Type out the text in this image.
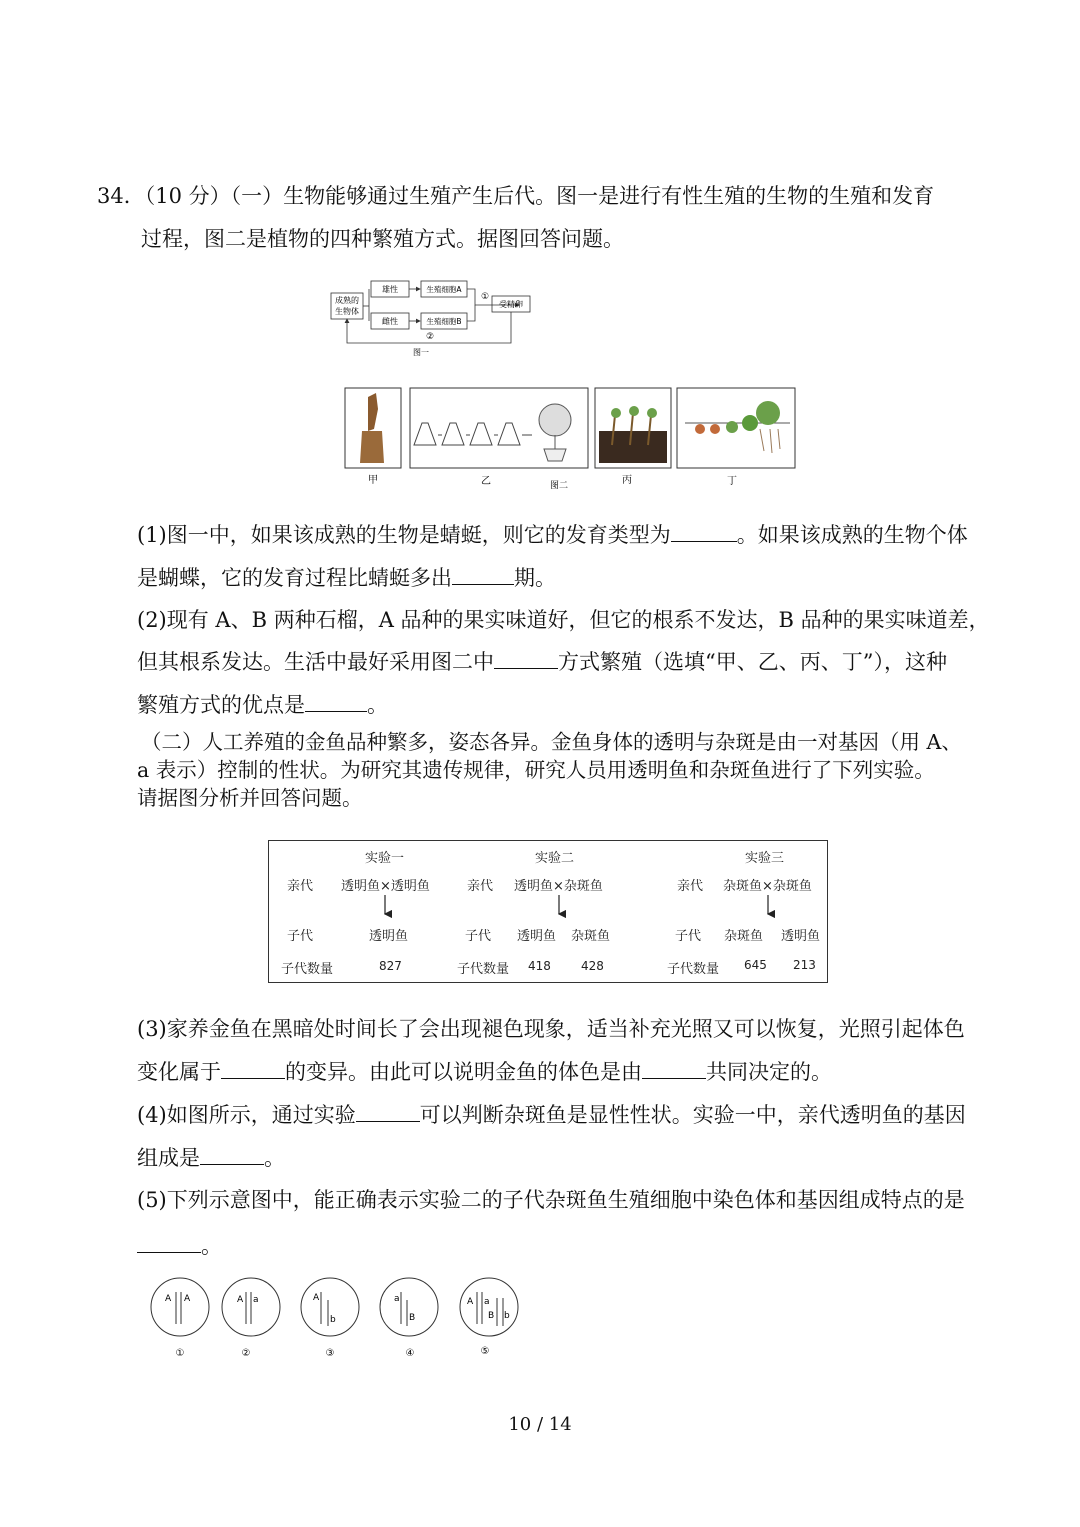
34．（10 分）（一）生物能够通过生殖产生后代。图一是进行有性生殖的生物的生殖和发育
过程，图二是植物的四种繁殖方式。据图回答问题。
成熟的
生物体
雄性
雌性
生殖细胞A
生殖细胞B
①
受精卵
②
图一
甲	乙	图二	丙	丁
(1)图一中，如果该成熟的生物是蜻蜓，则它的发育类型为	。如果该成熟的生物个体
是蝴蝶，它的发育过程比蜻蜓多出	期。
(2)现有 A、B 两种石榴，A 品种的果实味道好，但它的根系不发达，B 品种的果实味道差，
但其根系发达。生活中最好采用图二中	方式繁殖（选填“甲、乙、丙、丁”），这种
繁殖方式的优点是	。
（二）人工养殖的金鱼品种繁多，姿态各异。金鱼身体的透明与杂斑是由一对基因（用 A、
a 表示）控制的性状。为研究其遗传规律，研究人员用透明鱼和杂斑鱼进行了下列实验。
请据图分析并回答问题。
实验一
亲代 透明鱼×透明鱼
子代	透明鱼
子代数量	827
实验二
亲代 透明鱼×杂斑鱼
子代 透明鱼 杂斑鱼
子代数量 418	428
实验三
亲代 杂斑鱼×杂斑鱼
子代 杂斑鱼 透明鱼
子代数量 645 213
(3)家养金鱼在黑暗处时间长了会出现褪色现象，适当补充光照又可以恢复，光照引起体色
变化属于	的变异。由此可以说明金鱼的体色是由	共同决定的。
(4)如图所示，通过实验	可以判断杂斑鱼是显性性状。实验一中，亲代透明鱼的基因
组成是	。
(5)下列示意图中，能正确表示实验二的子代杂斑鱼生殖细胞中染色体和基因组成特点的是
。
A A
①
A a
②
A
b
③
a
B
④
A a
B b
⑤
10 / 14
